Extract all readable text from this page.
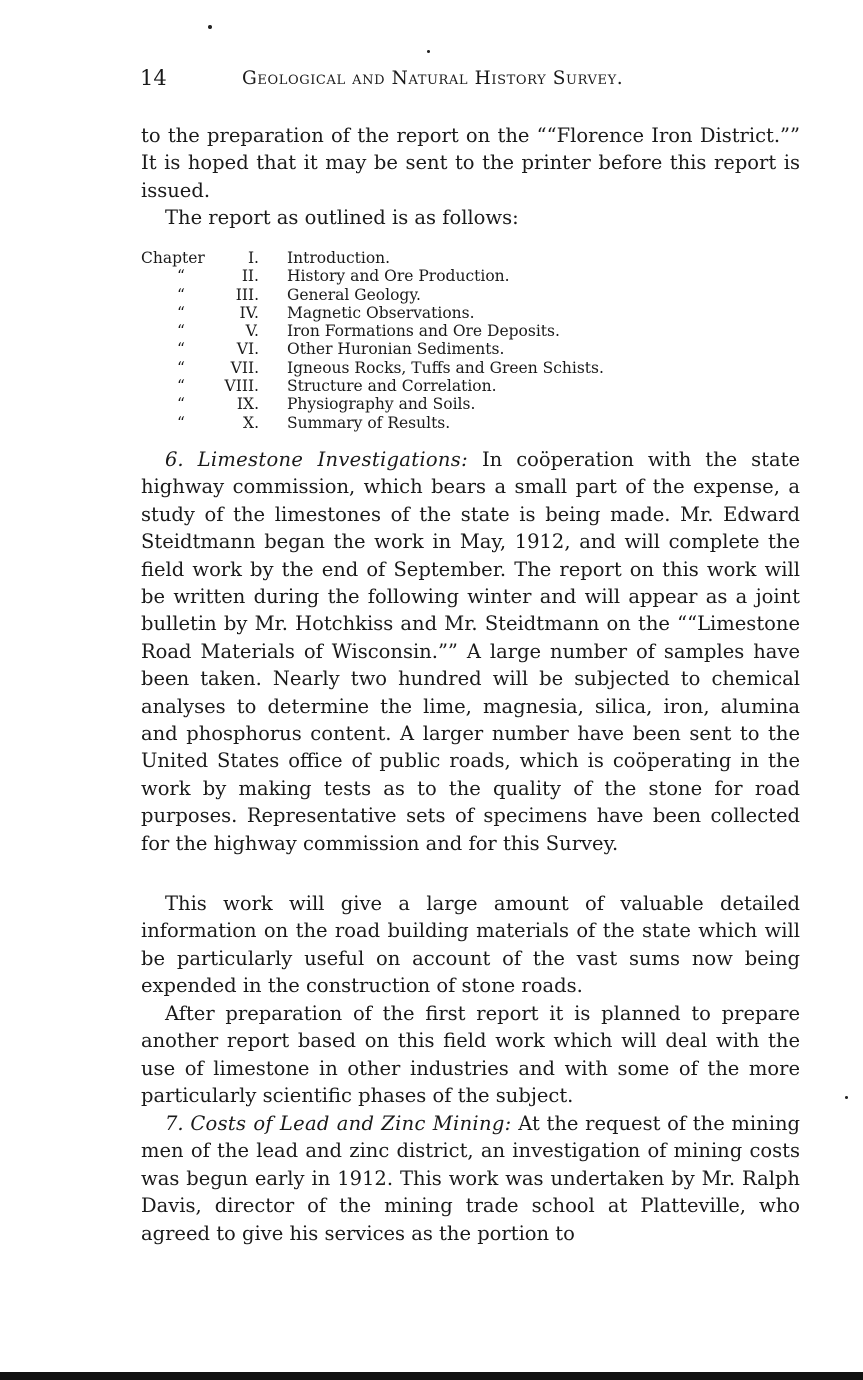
14	Geological and Natural History Survey.

to the preparation of the report on the ““Florence Iron District.”” It is hoped that it may be sent to the printer before this report is issued.

The report as outlined is as follows:

Chapter	I.	Introduction.
“	II.	History and Ore Production.
“	III.	General Geology.
“	IV.	Magnetic Observations.
“	V.	Iron Formations and Ore Deposits.
“	VI.	Other Huronian Sediments.
“	VII.	Igneous Rocks, Tuffs and Green Schists.
“	VIII.	Structure and Correlation.
“	IX.	Physiography and Soils.
“	X.	Summary of Results.

6. Limestone Investigations: In coöperation with the state highway commission, which bears a small part of the expense, a study of the limestones of the state is being made. Mr. Edward Steidtmann began the work in May, 1912, and will complete the field work by the end of September. The report on this work will be written during the following winter and will appear as a joint bulletin by Mr. Hotchkiss and Mr. Steidtmann on the ““Limestone Road Materials of Wisconsin.”” A large number of samples have been taken. Nearly two hundred will be subjected to chemical analyses to determine the lime, magnesia, silica, iron, alumina and phosphorus content. A larger number have been sent to the United States office of public roads, which is coöperating in the work by making tests as to the quality of the stone for road purposes. Representative sets of specimens have been collected for the highway commission and for this Survey.

This work will give a large amount of valuable detailed information on the road building materials of the state which will be particularly useful on account of the vast sums now being expended in the construction of stone roads.

After preparation of the first report it is planned to prepare another report based on this field work which will deal with the use of limestone in other industries and with some of the more particularly scientific phases of the subject.

7. Costs of Lead and Zinc Mining: At the request of the mining men of the lead and zinc district, an investigation of mining costs was begun early in 1912. This work was undertaken by Mr. Ralph Davis, director of the mining trade school at Platteville, who agreed to give his services as the portion to
